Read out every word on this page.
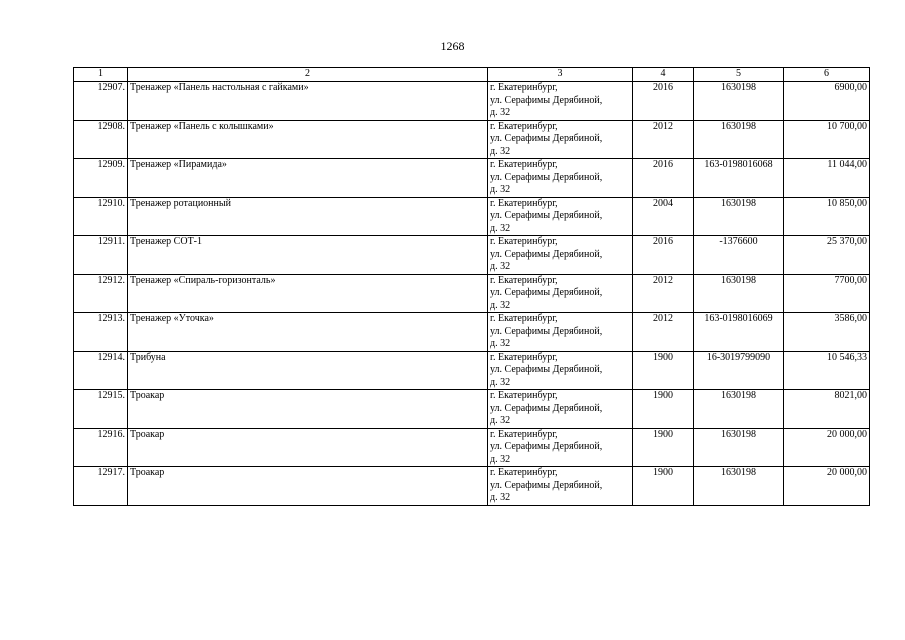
1268
1	2	3	4	5	6
12907.	Тренажер «Панель настольная с гайками»	г. Екатеринбург,
ул. Серафимы Дерябиной,
д. 32	2016	1630198	6900,00
12908.	Тренажер «Панель с колышками»	г. Екатеринбург,
ул. Серафимы Дерябиной,
д. 32	2012	1630198	10 700,00
12909.	Тренажер «Пирамида»	г. Екатеринбург,
ул. Серафимы Дерябиной,
д. 32	2016	163-0198016068	11 044,00
12910.	Тренажер ротационный	г. Екатеринбург,
ул. Серафимы Дерябиной,
д. 32	2004	1630198	10 850,00
12911.	Тренажер СОТ-1	г. Екатеринбург,
ул. Серафимы Дерябиной,
д. 32	2016	-1376600	25 370,00
12912.	Тренажер «Спираль-горизонталь»	г. Екатеринбург,
ул. Серафимы Дерябиной,
д. 32	2012	1630198	7700,00
12913.	Тренажер «Уточка»	г. Екатеринбург,
ул. Серафимы Дерябиной,
д. 32	2012	163-0198016069	3586,00
12914.	Трибуна	г. Екатеринбург,
ул. Серафимы Дерябиной,
д. 32	1900	16-3019799090	10 546,33
12915.	Троакар	г. Екатеринбург,
ул. Серафимы Дерябиной,
д. 32	1900	1630198	8021,00
12916.	Троакар	г. Екатеринбург,
ул. Серафимы Дерябиной,
д. 32	1900	1630198	20 000,00
12917.	Троакар	г. Екатеринбург,
ул. Серафимы Дерябиной,
д. 32	1900	1630198	20 000,00
